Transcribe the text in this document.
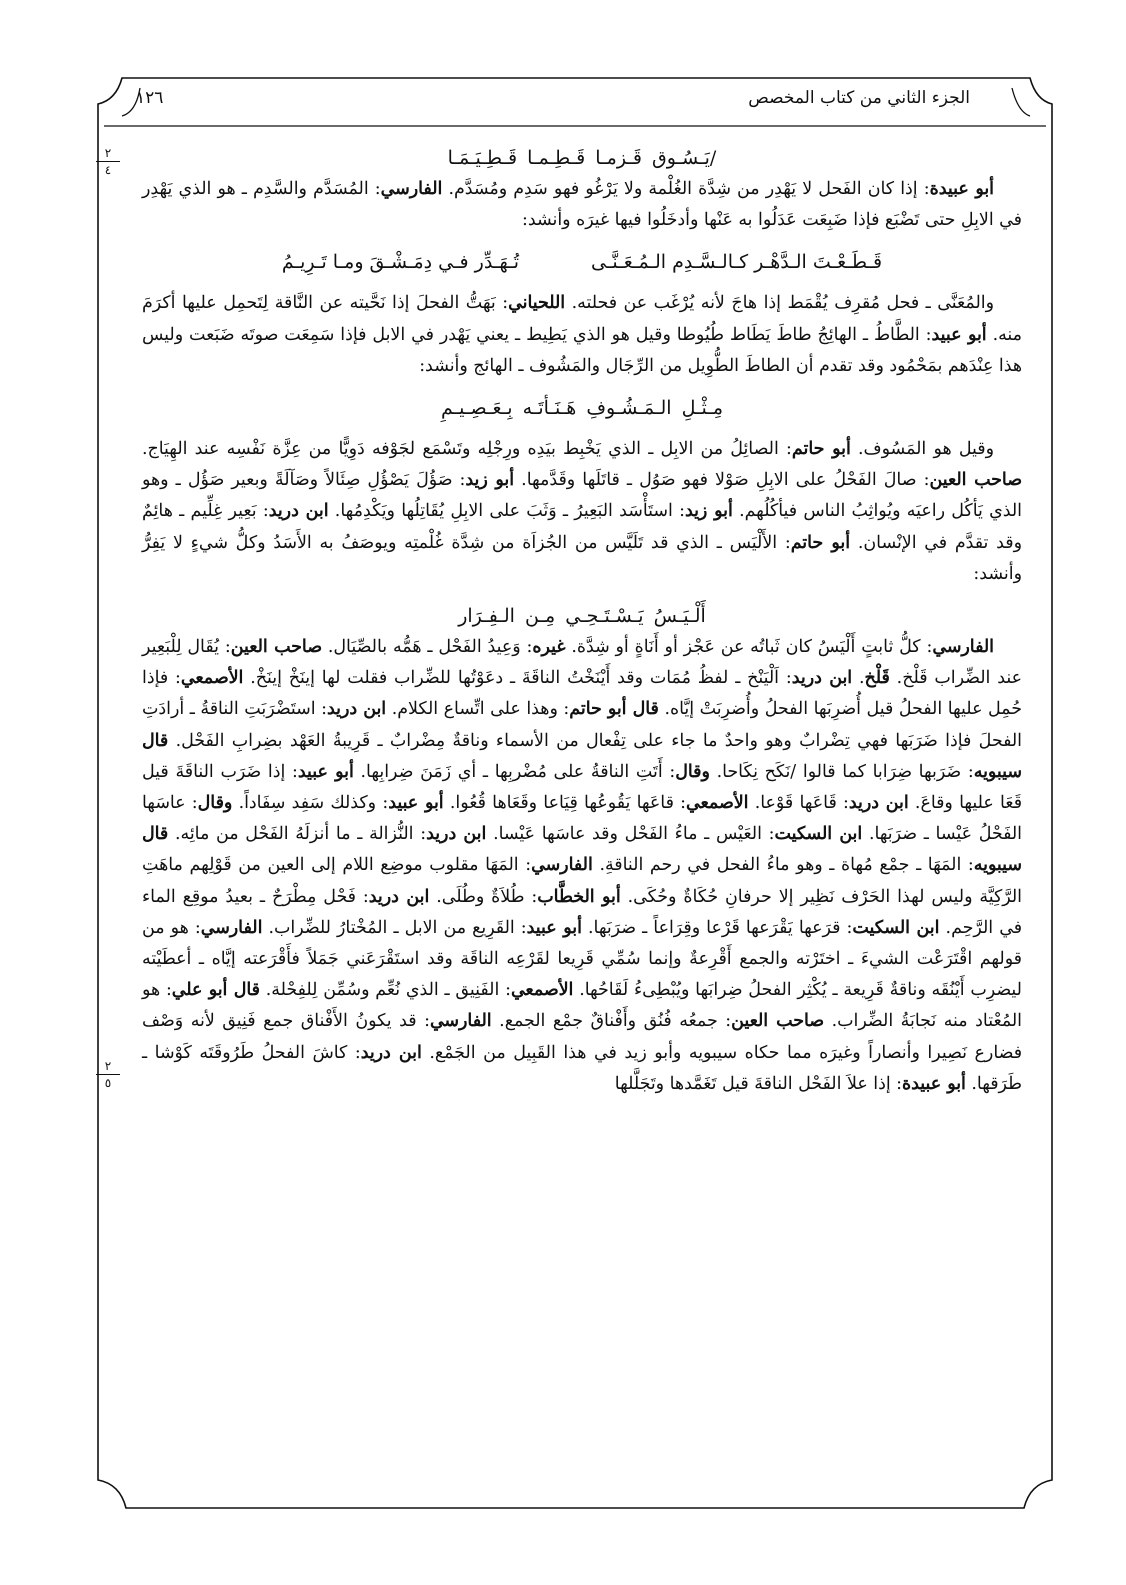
١٢٦	الجزء الثاني من كتاب المخصص
٢
٤
٢
٥

/يَـسُـوق قَـزمـا قَـطِـمـا قَـطِـيَـمَـا

أبو عبيدة: إذا كان الفَحل لا يَهْدِر من شِدَّة الغُلْمة ولا يَرْغُو فهو سَدِم ومُسَدَّم. الفارسي: المُسَدَّم والسَّدِم ـ هو الذي يَهْدِر في الابِلِ حتى تَضْبَع فإذا ضَبِعَت عَدَلُوا به عَنْها وأدخَلُوا فيها غيرَه وأنشد:

قَـطَـعْـتَ الـدَّهْـر كـالـسَّـدِم الـمُـعَـنَّـى
تُـهَـدِّر فـي دِمَـشْـقَ ومـا تَـرِيـمُ

والمُعَنَّى ـ فحل مُقرِف يُقْمَط إذا هاجَ لأنه يُرْغَب عن فحلته. اللحياني: بَهَتُّ الفحلَ إذا نَحَّيته عن النَّاقة لِتَحمِل عليها أكرَمَ منه. أبو عبيد: الطَّاطُ ـ الهائِجُ طاطَ يَطَاط طُيُوطا وقيل هو الذي يَطِيط ـ يعني يَهْدر في الابل فإذا سَمِعَت صوتَه ضَبَعت وليس هذا عِنْدَهم بمَحْمُود وقد تقدم أن الطاطَ الطُّوِيل من الرِّجَال والمَشُوف ـ الهائج وأنشد:

مِـثْـلِ الـمَـشُـوفِ هَـنَـأتَـه بِـعَـصِـيـمِ

وقيل هو المَسُوف. أبو حاتم: الصائِلُ من الابِل ـ الذي يَخْبِط بيَدِه ورِجْلِه وتَسْمَع لجَوْفه دَوِيًّا من عِزَّة نَفْسِه عند الهِيَاج. صاحب العين: صالَ الفَحْلُ على الابِلِ صَوْلا فهو صَوُل ـ قاتَلَها وقَدَّمها. أبو زيد: صَؤُلَ يَصْؤُلِ صِئَالاً وصَآلَةً وبعير صَؤُل ـ وهو الذي يَأكُل راعيَه ويُواثِبُ الناس فيأكُلُهم. أبو زيد: استَأْسَد البَعِيرُ ـ وَثَبَ على الابِلِ يُقَاتِلُها ويَكْدِمُها. ابن دريد: بَعِير غِلِّيم ـ هائِمٌ وقد تقدَّم في الإنْسان. أبو حاتم: الأَلْيَس ـ الذي قد تَلَيَّس من الجُزاَة من شِدَّة غُلْمتِه ويوصَفُ به الأَسَدُ وكلُّ شيءٍ لا يَفِرُّ وأنشد:

أَلْـيَـسُ يَـسْـتَـحِـي مِـن الـفِـرَار

الفارسي: كلُّ ثابتٍ أَلْيَسُ كان ثَباتُه عن عَجْز أو أَنَاةٍ أو شِدَّة. غيره: وَعِيدُ الفَحْل ـ هَمُّه بالصِّيَال. صاحب العين: يُقَال لِلْبَعِير عند الضِّراب قَلْخ. قَلْخ. ابن دريد: اَلْيَنْخ ـ لفظُ مُمَات وقد أَيْنَخْتُ الناقَةَ ـ دعَوْتُها للضِّراب فقلت لها إينَخْ إينَخْ. الأصمعي: فإذا حُمِل عليها الفحلُ قيل أُضرِبَها الفحلُ وأُضرِبَتْ إيَّاه. قال أبو حاتم: وهذا على اتِّساع الكلام. ابن دريد: استَضْرَبَتِ الناقةُ ـ أرادَتِ الفحلَ فإذا ضَرَبَها فهي تِضْرابٌ وهو واحدٌ ما جاء على تِفْعال من الأسماء وناقةٌ مِضْرابٌ ـ قَرِيبةُ العَهْد بضِرابِ الفَحْل. قال سيبويه: ضَرَبها ضِرَابا كما قالوا /نَكَح نِكَاحا. وقال: أَتَتِ الناقةُ على مُضْربِها ـ أي زَمَنَ ضِرابِها. أبو عبيد: إذا ضَرَب الناقَةَ قيل قَعَا عليها وقاعَ. ابن دريد: قَاعَها قَوْعا. الأصمعي: قاعَها يَقُوعُها قِيَاعا وقَعَاها قُعُوا. أبو عبيد: وكذلك سَفِد سِفَاداً. وقال: عاسَها الفَحْلُ عَيْسا ـ ضرَبَها. ابن السكيت: العَيْس ـ ماءُ الفَحْل وقد عاسَها عَيْسا. ابن دريد: النُّزالة ـ ما أنزلَهُ الفَحْل من مائِه. قال سيبويه: المَهَا ـ جمْع مُهاة ـ وهو ماءُ الفحل في رحم الناقةِ. الفارسي: المَهَا مقلوب موضِع اللام إلى العين من قَوْلِهم ماهَتِ الرَّكِيَّة وليس لهذا الحَرْف نَظِير إلا حرفانِ حُكَاةٌ وحُكَى. أبو الخطَّاب: طُلاَةٌ وطُلَى. ابن دريد: فَحْل مِطْرَحٌ ـ بعيدُ موقِع الماء في الرَّحِم. ابن السكيت: قرَعها يَقْرَعها قَرْعا وقِرَاعاً ـ ضرَبَها. أبو عبيد: القَرِيع من الابل ـ المُخْتارُ للضِّراب. الفارسي: هو من قولهم اقْتَرَعْت الشيءَ ـ اختَرْته والجمع أَقْرِعةٌ وإنما سُمِّي قَرِيعا لقَرْعِه الناقَة وقد استَقْرَعَني جَمَلاً فأَقْرَعته إيَّاه ـ أعطَيْته ليضرِب أَيْنُقَه وناقةٌ قَرِيعة ـ يُكْثِر الفحلُ ضِرابَها ويُبْطِىءُ لَقَاحُها. الأصمعي: الفَنِيق ـ الذي نُعِّم وسُمِّن لِلفِحْلة. قال أبو علي: هو المُعْتاد منه نَجابَةُ الضِّراب. صاحب العين: جمعُه فُنُق وأَفْناقٌ جمْع الجمع. الفارسي: قد يكونُ الأَفْناق جمع فَنِيق لأنه وَصْف فضارع نَصِيرا وأنصاراً وغيرَه مما حكاه سيبويه وأبو زيد في هذا القَبِيل من الجَمْع. ابن دريد: كاشَ الفحلُ طَرُوقَتَه كَوْشا ـ طَرَقها. أبو عبيدة: إذا علاَ الفَحْل الناقةَ قيل تَغَمَّدها وتَجَلَّلها
